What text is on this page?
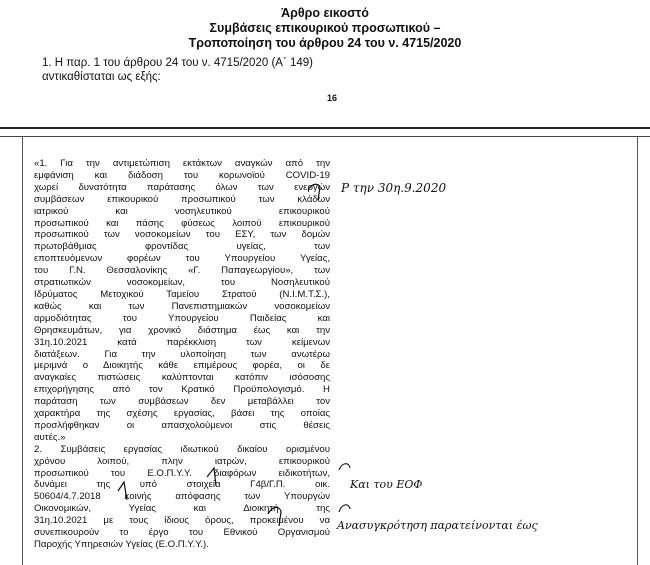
Άρθρο εικοστό
Συμβάσεις επικουρικού προσωπικού –
Τροποποίηση του άρθρου 24 του ν. 4715/2020
1. Η παρ. 1 του άρθρου 24 του ν. 4715/2020 (Α΄ 149)
αντικαθίσταται ως εξής:
16
«1. Για την αντιμετώπιση εκτάκτων αναγκών από την
εμφάνιση και διάδοση του κορωνοϊού COVID-19
χωρεί δυνατότητα παράτασης όλων των ενεργών
συμβάσεων επικουρικού προσωπικού των κλάδων
ιατρικού και νοσηλευτικού επικουρικού
προσωπικού και πάσης φύσεως λοιπού επικουρικού
προσωπικού των νοσοκομείων του ΕΣΥ, των δομών
πρωτοβάθμιας φροντίδας υγείας, των
εποπτευόμενων φορέων του Υπουργείου Υγείας,
του Γ.Ν. Θεσσαλονίκης «Γ. Παπαγεωργίου», των
στρατιωτικών νοσοκομείων, του Νοσηλευτικού
Ιδρύματος Μετοχικού Ταμείου Στρατού (Ν.Ι.Μ.Τ.Σ.),
καθώς και των Πανεπιστημιακών νοσοκομείων
αρμοδιότητας του Υπουργείου Παιδείας και
Θρησκευμάτων, για χρονικό διάστημα έως και την
31η.10.2021 κατά παρέκκλιση των κείμενων
διατάξεων. Για την υλοποίηση των ανωτέρω
μεριμνά ο Διοικητής κάθε επιμέρους φορέα, οι δε
αναγκαίες πιστώσεις καλύπτονται κατόπιν ισόσοσης
επιχορήγησης από τον Κρατικό Προϋπολογισμό. Η
παράταση των συμβάσεων δεν μεταβάλλει τον
χαρακτήρα της σχέσης εργασίας, βάσει της οποίας
προσλήφθηκαν οι απασχολούμενοι στις θέσεις
αυτές.»
2. Συμβάσεις εργασίας ιδιωτικού δικαίου ορισμένου
χρόνου λοιπού, πλην ιατρών, επικουρικού
προσωπικού του Ε.Ο.Π.Υ.Υ. διαφόρων ειδικοτήτων,
δυνάμει της υπό στοιχεία Γ4β/Γ.Π. οικ.
50604/4.7.2018 κοινής απόφασης των Υπουργών
Οικονομικών, Υγείας και Διοικητή της
31η.10.2021 με τους ίδιους όρους, προκειμένου να
συνεπικουρούν το έργο του Εθνικού Οργανισμού
Παροχής Υπηρεσιών Υγείας (Ε.Ο.Π.Υ.Υ.).
Ρ την 30η.9.2020
Και του ΕΟΦ
Ανασυγκρότηση παρατείνονται έως
